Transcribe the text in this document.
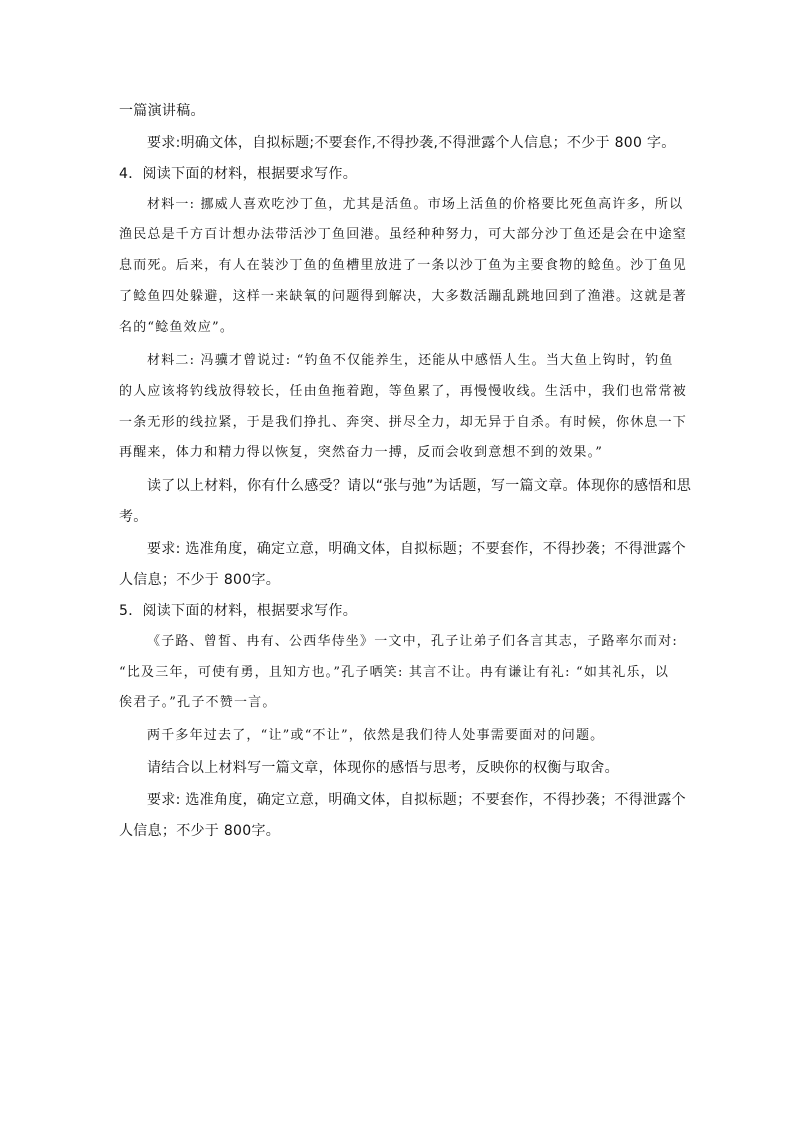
一篇演讲稿。
要求:明确文体，自拟标题;不要套作,不得抄袭,不得泄露个人信息；不少于 800 字。
4．阅读下面的材料，根据要求写作。
材料一: 挪威人喜欢吃沙丁鱼，尤其是活鱼。市场上活鱼的价格要比死鱼高许多，所以
渔民总是千方百计想办法带活沙丁鱼回港。虽经种种努力，可大部分沙丁鱼还是会在中途窒
息而死。后来，有人在装沙丁鱼的鱼槽里放进了一条以沙丁鱼为主要食物的鲶鱼。沙丁鱼见
了鲶鱼四处躲避，这样一来缺氧的问题得到解决，大多数活蹦乱跳地回到了渔港。这就是著
名的“鲶鱼效应”。
材料二: 冯骥才曾说过: “钓鱼不仅能养生，还能从中感悟人生。当大鱼上钩时，钓鱼
的人应该将钓线放得较长，任由鱼拖着跑，等鱼累了，再慢慢收线。生活中，我们也常常被
一条无形的线拉紧，于是我们挣扎、奔突、拼尽全力，却无异于自杀。有时候，你休息一下
再醒来，体力和精力得以恢复，突然奋力一搏，反而会收到意想不到的效果。”
读了以上材料，你有什么感受？请以“张与弛”为话题，写一篇文章。体现你的感悟和思
考。
要求: 选准角度，确定立意，明确文体，自拟标题；不要套作，不得抄袭；不得泄露个
人信息；不少于 800字。
5．阅读下面的材料，根据要求写作。
《子路、曾皙、冉有、公西华侍坐》一文中，孔子让弟子们各言其志，子路率尔而对:
“比及三年，可使有勇，且知方也。”孔子哂笑: 其言不让。冉有谦让有礼: “如其礼乐，以
俟君子。”孔子不赞一言。
两千多年过去了，“让”或“不让”，依然是我们待人处事需要面对的问题。
请结合以上材料写一篇文章，体现你的感悟与思考，反映你的权衡与取舍。
要求: 选准角度，确定立意，明确文体，自拟标题；不要套作，不得抄袭；不得泄露个
人信息；不少于 800字。
